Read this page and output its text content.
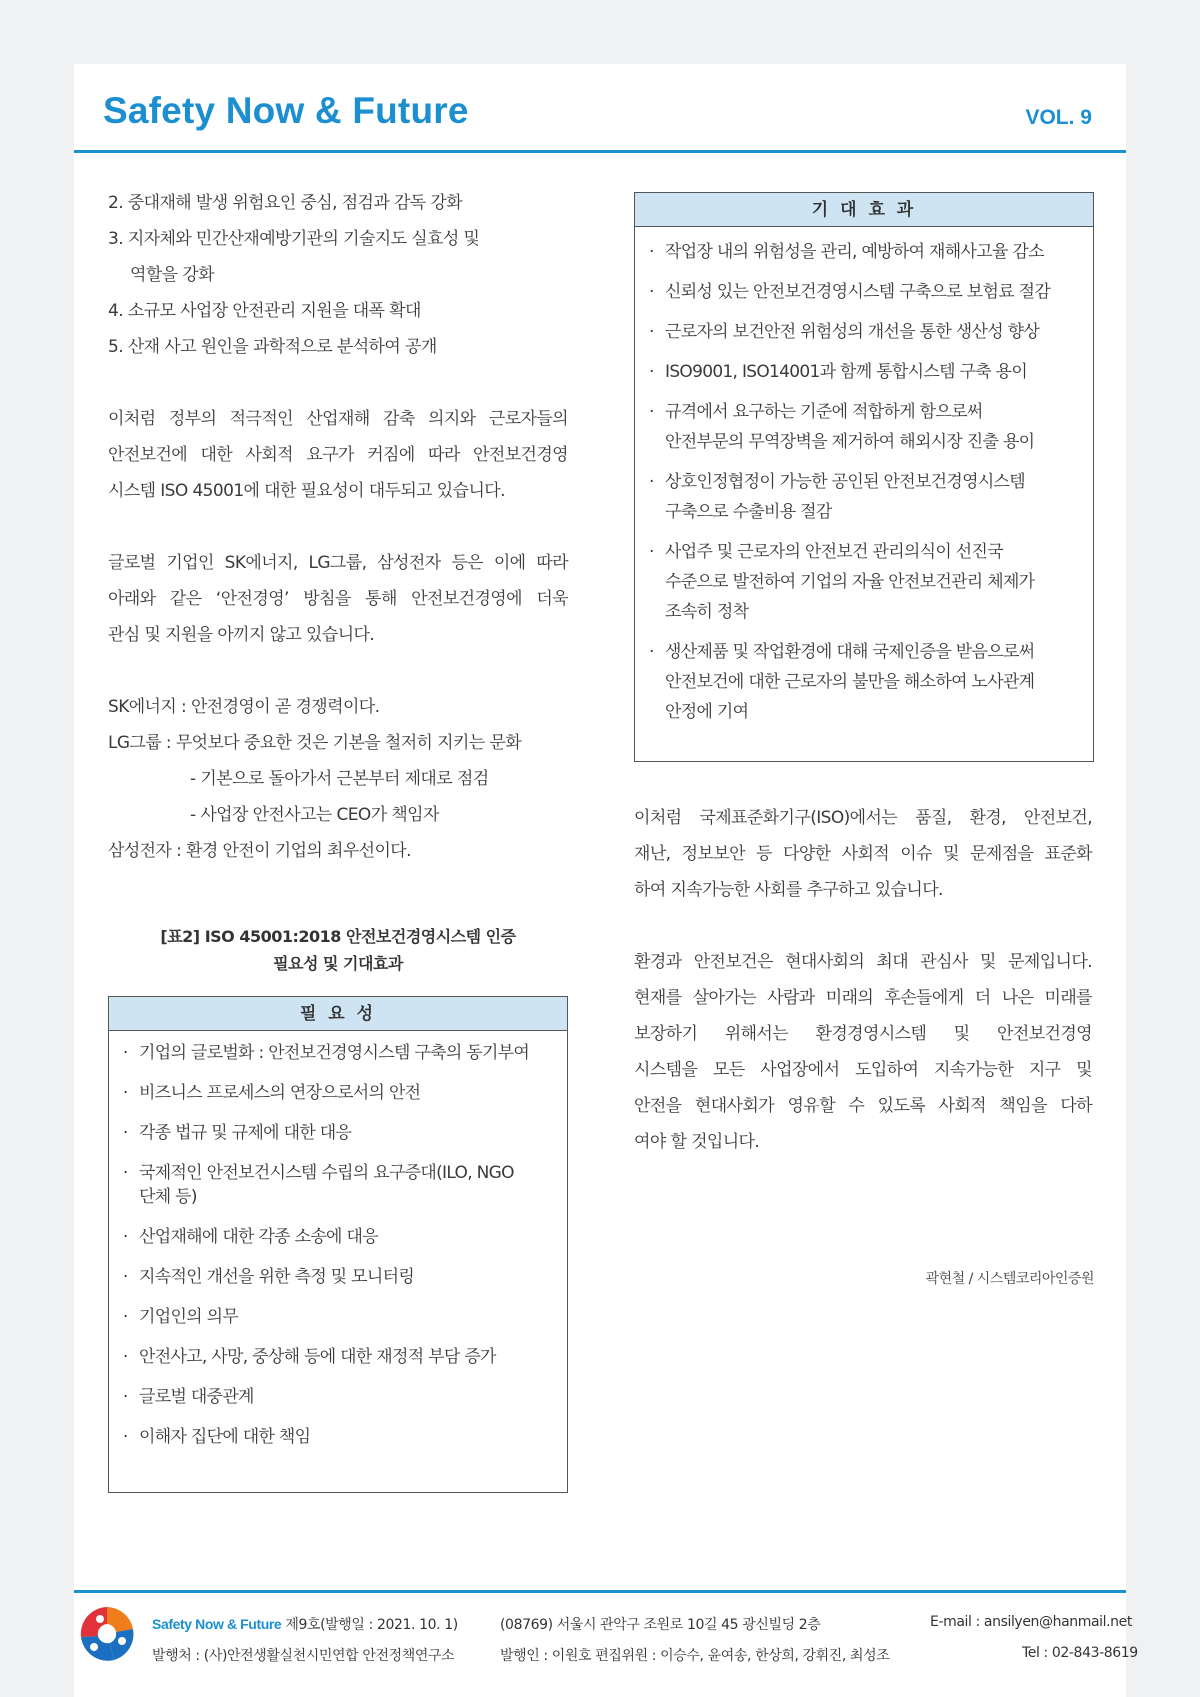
Safety Now & Future	VOL. 9
2. 중대재해 발생 위험요인 중심, 점검과 감독 강화
3. 지자체와 민간산재예방기관의 기술지도 실효성 및
역할을 강화
4. 소규모 사업장 안전관리 지원을 대폭 확대
5. 산재 사고 원인을 과학적으로 분석하여 공개
이처럼 정부의 적극적인 산업재해 감축 의지와 근로자들의
안전보건에 대한 사회적 요구가 커짐에 따라 안전보건경영
시스템 ISO 45001에 대한 필요성이 대두되고 있습니다.
글로벌 기업인 SK에너지, LG그룹, 삼성전자 등은 이에 따라
아래와 같은 ‘안전경영’ 방침을 통해 안전보건경영에 더욱
관심 및 지원을 아끼지 않고 있습니다.
SK에너지 : 안전경영이 곧 경쟁력이다.
LG그룹 : 무엇보다 중요한 것은 기본을 철저히 지키는 문화
- 기본으로 돌아가서 근본부터 제대로 점검
- 사업장 안전사고는 CEO가 책임자
삼성전자 : 환경 안전이 기업의 최우선이다.
[표2] ISO 45001:2018 안전보건경영시스템 인증
필요성 및 기대효과
필 요 성
· 기업의 글로벌화 : 안전보건경영시스템 구축의 동기부여
· 비즈니스 프로세스의 연장으로서의 안전
· 각종 법규 및 규제에 대한 대응
· 국제적인 안전보건시스템 수립의 요구증대(ILO, NGO
단체 등)
· 산업재해에 대한 각종 소송에 대응
· 지속적인 개선을 위한 측정 및 모니터링
· 기업인의 의무
· 안전사고, 사망, 중상해 등에 대한 재정적 부담 증가
· 글로벌 대중관계
· 이해자 집단에 대한 책임
기 대 효 과
· 작업장 내의 위험성을 관리, 예방하여 재해사고율 감소
· 신뢰성 있는 안전보건경영시스템 구축으로 보험료 절감
· 근로자의 보건안전 위험성의 개선을 통한 생산성 향상
· ISO9001, ISO14001과 함께 통합시스템 구축 용이
· 규격에서 요구하는 기준에 적합하게 함으로써
안전부문의 무역장벽을 제거하여 해외시장 진출 용이
· 상호인정협정이 가능한 공인된 안전보건경영시스템
구축으로 수출비용 절감
· 사업주 및 근로자의 안전보건 관리의식이 선진국
수준으로 발전하여 기업의 자율 안전보건관리 체제가
조속히 정착
· 생산제품 및 작업환경에 대해 국제인증을 받음으로써
안전보건에 대한 근로자의 불만을 해소하여 노사관계
안정에 기여
이처럼 국제표준화기구(ISO)에서는 품질, 환경, 안전보건,
재난, 정보보안 등 다양한 사회적 이슈 및 문제점을 표준화
하여 지속가능한 사회를 추구하고 있습니다.
환경과 안전보건은 현대사회의 최대 관심사 및 문제입니다.
현재를 살아가는 사람과 미래의 후손들에게 더 나은 미래를
보장하기 위해서는 환경경영시스템 및 안전보건경영
시스템을 모든 사업장에서 도입하여 지속가능한 지구 및
안전을 현대사회가 영유할 수 있도록 사회적 책임을 다하
여야 할 것입니다.
곽현철 / 시스템코리아인증원
Safety Now & Future 제9호(발행일 : 2021. 10. 1)	(08769) 서울시 관악구 조원로 10길 45 광신빌딩 2층	E-mail : ansilyen@hanmail.net
발행처 : (사)안전생활실천시민연합 안전정책연구소	발행인 : 이원호 편집위원 : 이승수, 윤여송, 한상희, 강휘진, 최성조	Tel : 02-843-8619
